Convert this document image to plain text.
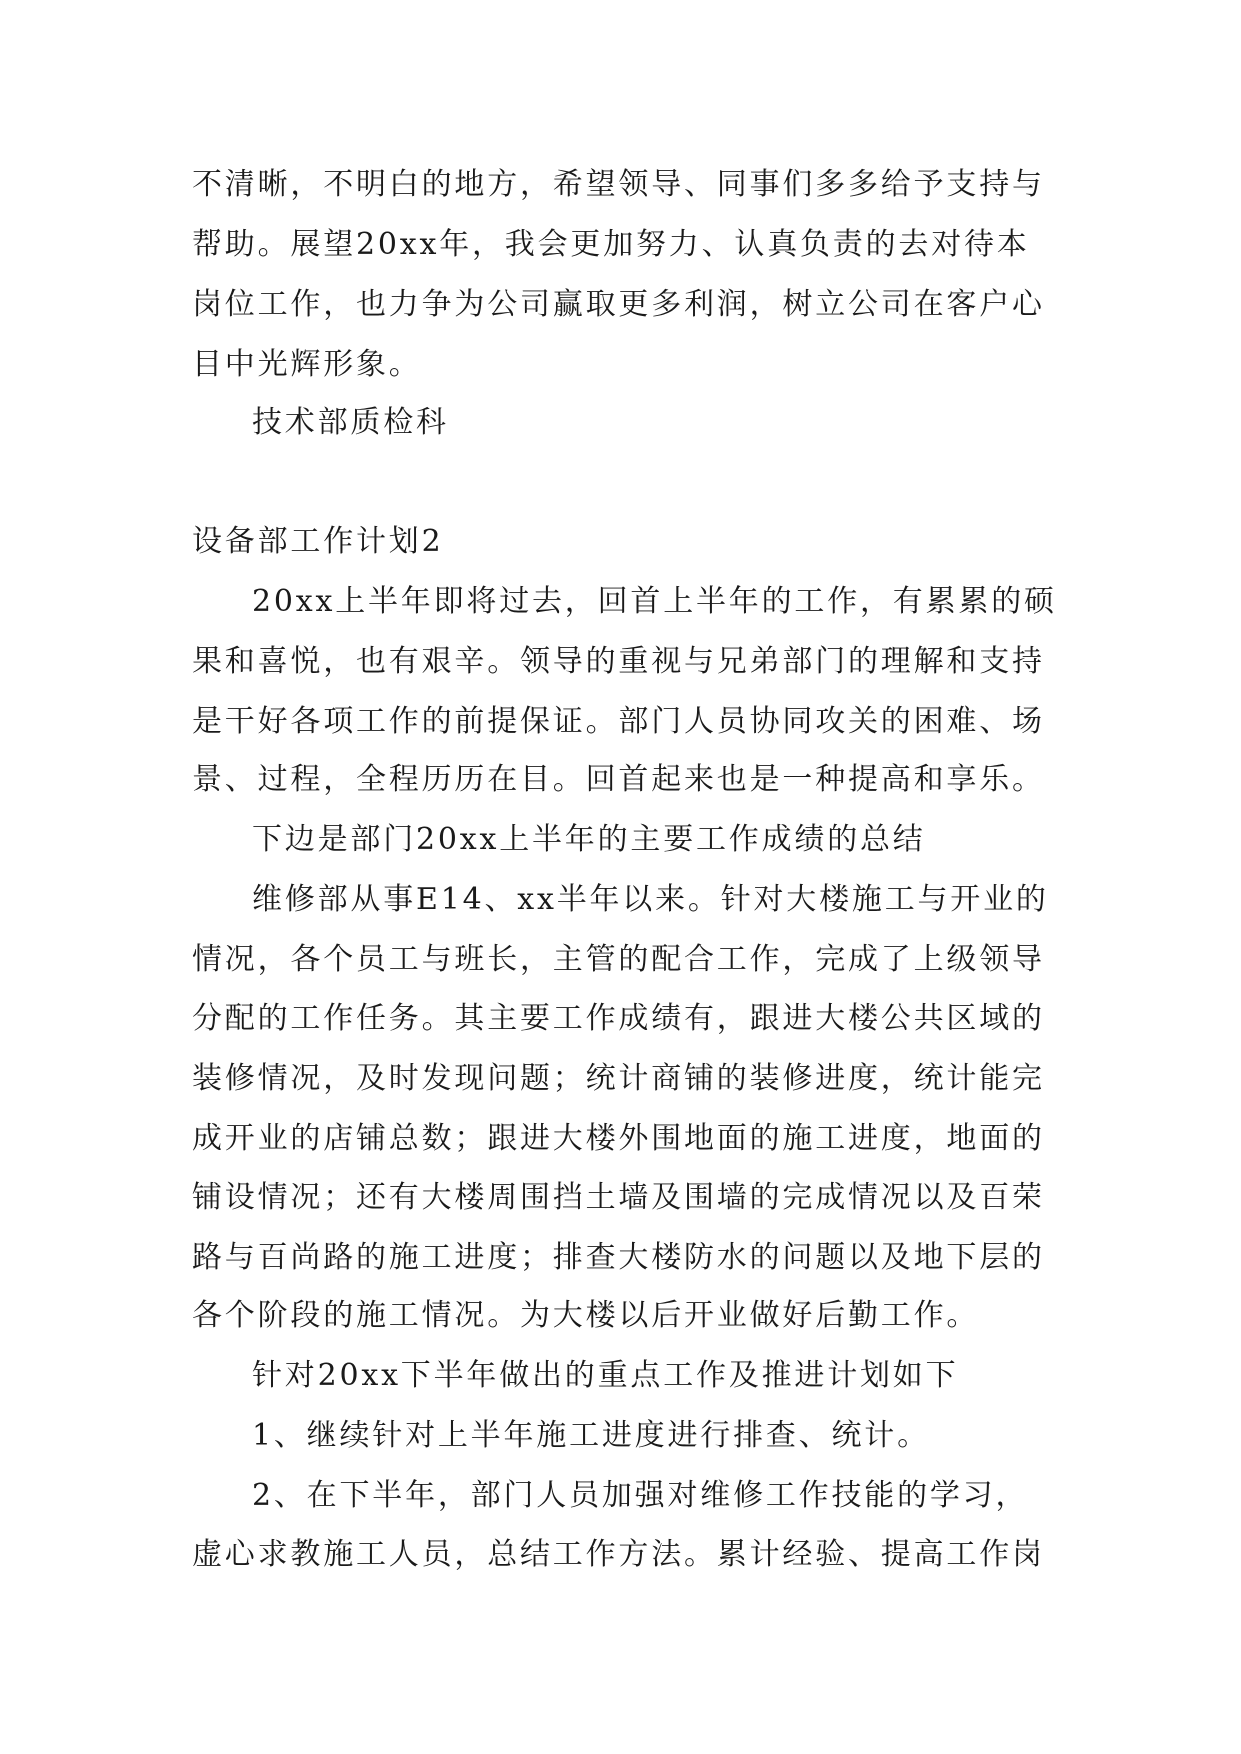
不清晰，不明白的地方，希望领导、同事们多多给予支持与

帮助。展望20xx年，我会更加努力、认真负责的去对待本

岗位工作，也力争为公司赢取更多利润，树立公司在客户心

目中光辉形象。

技术部质检科

设备部工作计划2

20xx上半年即将过去，回首上半年的工作，有累累的硕

果和喜悦，也有艰辛。领导的重视与兄弟部门的理解和支持

是干好各项工作的前提保证。部门人员协同攻关的困难、场

景、过程，全程历历在目。回首起来也是一种提高和享乐。

下边是部门20xx上半年的主要工作成绩的总结

维修部从事E14、xx半年以来。针对大楼施工与开业的

情况，各个员工与班长，主管的配合工作，完成了上级领导

分配的工作任务。其主要工作成绩有，跟进大楼公共区域的

装修情况，及时发现问题；统计商铺的装修进度，统计能完

成开业的店铺总数；跟进大楼外围地面的施工进度，地面的

铺设情况；还有大楼周围挡土墙及围墙的完成情况以及百荣

路与百尚路的施工进度；排查大楼防水的问题以及地下层的

各个阶段的施工情况。为大楼以后开业做好后勤工作。

针对20xx下半年做出的重点工作及推进计划如下

1、继续针对上半年施工进度进行排查、统计。

2、在下半年，部门人员加强对维修工作技能的学习，

虚心求教施工人员，总结工作方法。累计经验、提高工作岗
